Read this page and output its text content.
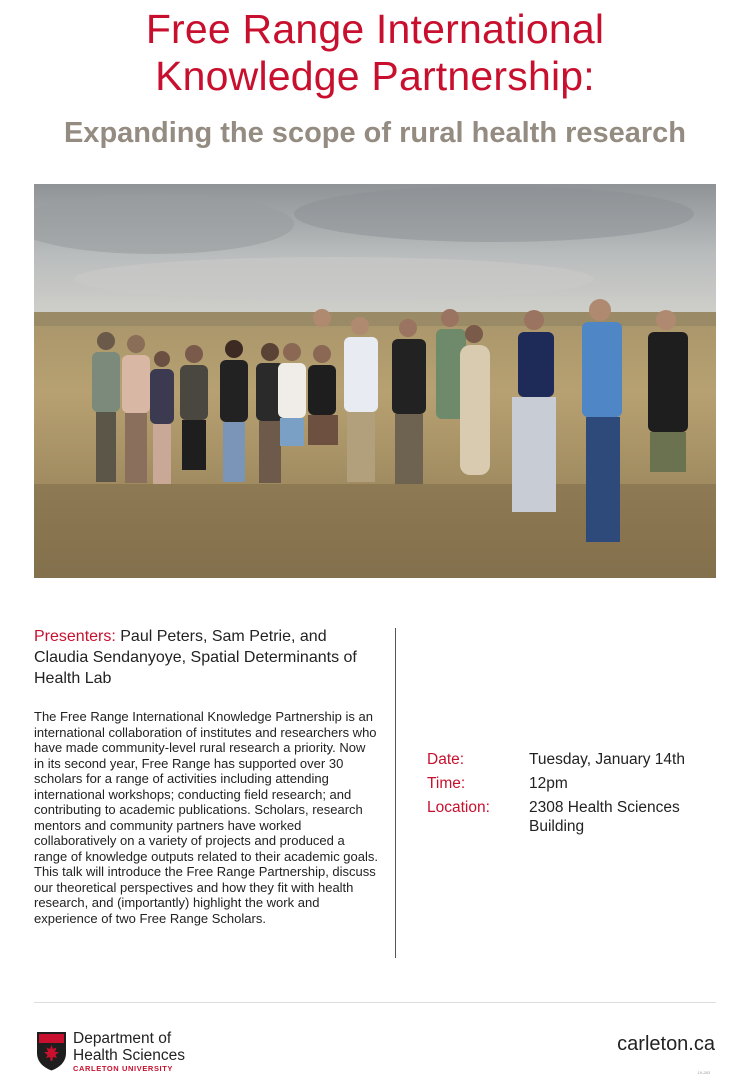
Free Range International
Knowledge Partnership:
Expanding the scope of rural health research

Presenters: Paul Peters, Sam Petrie, and Claudia Sendanyoye, Spatial Determinants of Health Lab

The Free Range International Knowledge Partnership is an international collaboration of institutes and researchers who have made community-level rural research a priority. Now in its second year, Free Range has supported over 30 scholars for a range of activities including attending international workshops; conducting field research; and contributing to academic publications. Scholars, research mentors and community partners have worked collaboratively on a variety of projects and produced a range of knowledge outputs related to their academic goals. This talk will introduce the Free Range Partnership, discuss our theoretical perspectives and how they fit with health research, and (importantly) highlight the work and experience of two Free Range Scholars.

Date:	Tuesday, January 14th
Time:	12pm
Location:	2308 Health Sciences Building
Department of
Health Sciences
CARLETON UNIVERSITY
carleton.ca
19-283
